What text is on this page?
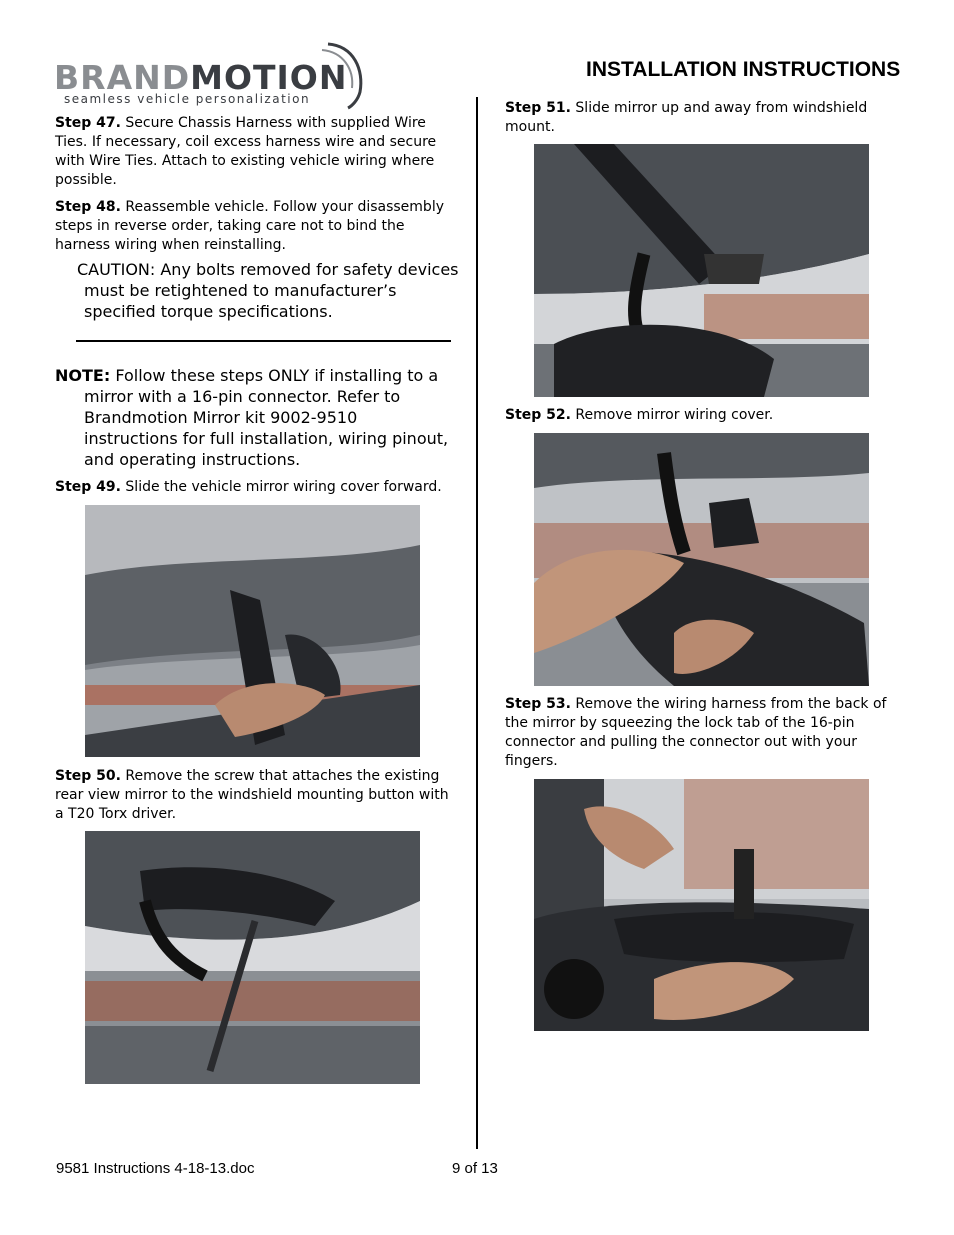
BRANDMOTION
seamless vehicle personalization
INSTALLATION INSTRUCTIONS
Step 47. Secure Chassis Harness with supplied Wire Ties. If necessary, coil excess harness wire and secure with Wire Ties. Attach to existing vehicle wiring where possible.
Step 48. Reassemble vehicle. Follow your disassembly steps in reverse order, taking care not to bind the harness wiring when reinstalling.
CAUTION: Any bolts removed for safety devices must be retightened to manufacturer’s specified torque specifications.
NOTE: Follow these steps ONLY if installing to a mirror with a 16-pin connector. Refer to Brandmotion Mirror kit 9002-9510 instructions for full installation, wiring pinout, and operating instructions.
Step 49. Slide the vehicle mirror wiring cover forward.
Step 50. Remove the screw that attaches the existing rear view mirror to the windshield mounting button with a T20 Torx driver.
Step 51. Slide mirror up and away from windshield mount.
Step 52. Remove mirror wiring cover.
Step 53. Remove the wiring harness from the back of the mirror by squeezing the lock tab of the 16-pin connector and pulling the connector out with your fingers.
9581 Instructions 4-18-13.doc	9 of 13
